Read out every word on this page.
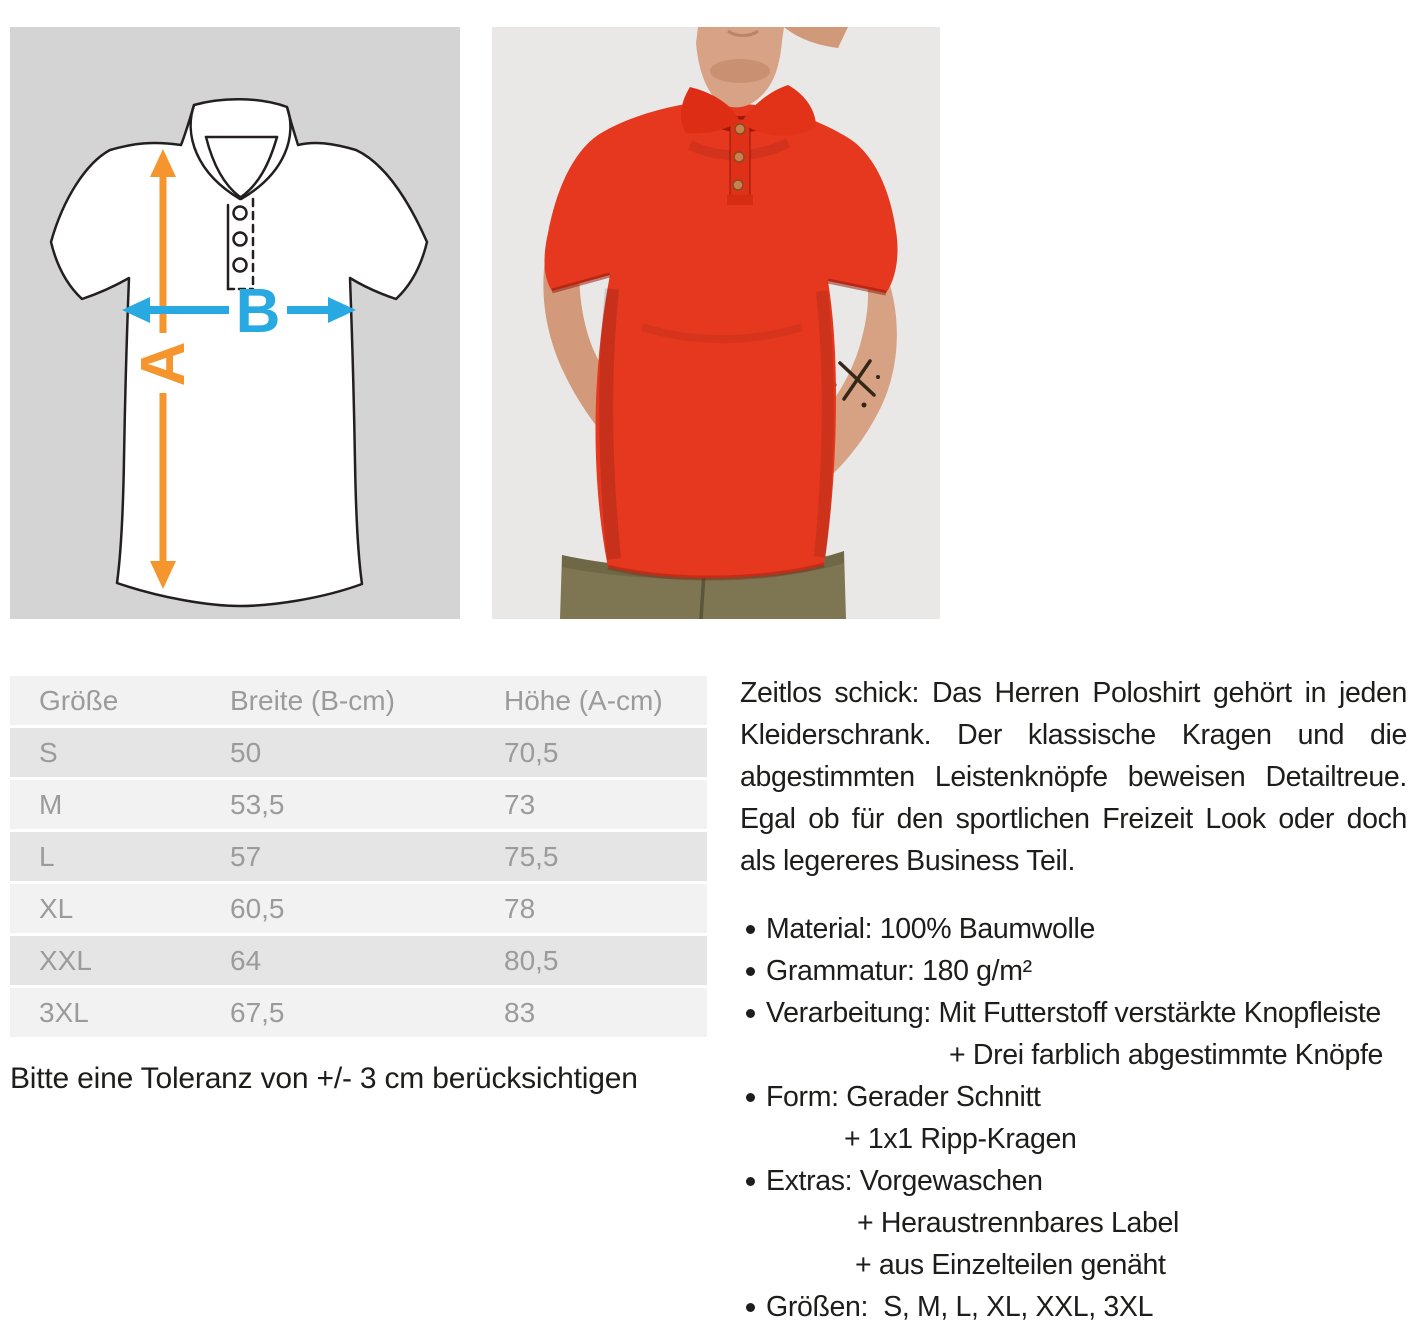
A
B
Größe	Breite (B-cm)	Höhe (A-cm)
S	50	70,5
M	53,5	73
L	57	75,5
XL	60,5	78
XXL	64	80,5
3XL	67,5	83
Bitte eine Toleranz von +/- 3 cm berücksichtigen
Zeitlos schick: Das Herren Poloshirt gehört in jeden Kleiderschrank. Der klassische Kragen und die abgestimmten Leistenknöpfe beweisen Detailtreue. Egal ob für den sportlichen Freizeit Look oder doch als legereres Business Teil.
Material: 100% Baumwolle
Grammatur: 180 g/m²
Verarbeitung: Mit Futterstoff verstärkte Knopfleiste
+ Drei farblich abgestimmte Knöpfe
Form: Gerader Schnitt
+ 1x1 Ripp-Kragen
Extras: Vorgewaschen
+ Heraustrennbares Label
+ aus Einzelteilen genäht
Größen:  S, M, L, XL, XXL, 3XL
